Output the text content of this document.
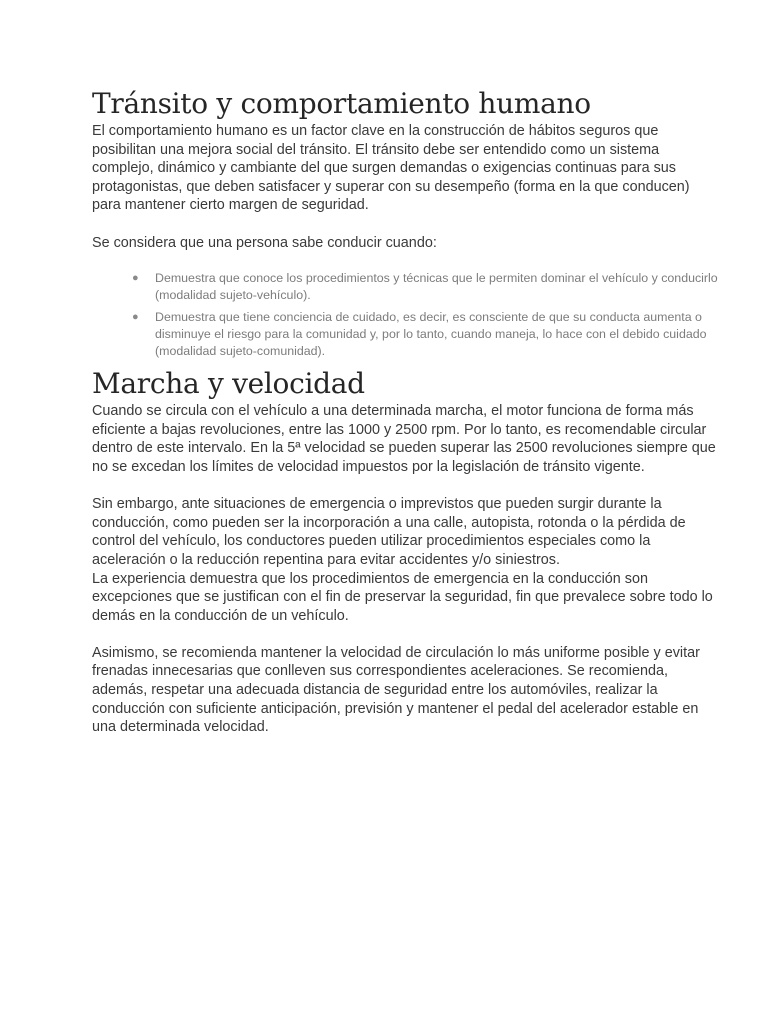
Tránsito y comportamiento humano

El comportamiento humano es un factor clave en la construcción de hábitos seguros que posibilitan una mejora social del tránsito. El tránsito debe ser entendido como un sistema complejo, dinámico y cambiante del que surgen demandas o exigencias continuas para sus protagonistas, que deben satisfacer y superar con su desempeño (forma en la que conducen) para mantener cierto margen de seguridad.

Se considera que una persona sabe conducir cuando:

● Demuestra que conoce los procedimientos y técnicas que le permiten dominar el vehículo y conducirlo (modalidad sujeto-vehículo).
● Demuestra que tiene conciencia de cuidado, es decir, es consciente de que su conducta aumenta o disminuye el riesgo para la comunidad y, por lo tanto, cuando maneja, lo hace con el debido cuidado (modalidad sujeto-comunidad).
Marcha y velocidad

Cuando se circula con el vehículo a una determinada marcha, el motor funciona de forma más eficiente a bajas revoluciones, entre las 1000 y 2500 rpm. Por lo tanto, es recomendable circular dentro de este intervalo. En la 5ª velocidad se pueden superar las 2500 revoluciones siempre que no se excedan los límites de velocidad impuestos por la legislación de tránsito vigente.

Sin embargo, ante situaciones de emergencia o imprevistos que pueden surgir durante la conducción, como pueden ser la incorporación a una calle, autopista, rotonda o la pérdida de control del vehículo, los conductores pueden utilizar procedimientos especiales como la aceleración o la reducción repentina para evitar accidentes y/o siniestros.

La experiencia demuestra que los procedimientos de emergencia en la conducción son excepciones que se justifican con el fin de preservar la seguridad, fin que prevalece sobre todo lo demás en la conducción de un vehículo.

Asimismo, se recomienda mantener la velocidad de circulación lo más uniforme posible y evitar frenadas innecesarias que conlleven sus correspondientes aceleraciones. Se recomienda, además, respetar una adecuada distancia de seguridad entre los automóviles, realizar la conducción con suficiente anticipación, previsión y mantener el pedal del acelerador estable en una determinada velocidad.
